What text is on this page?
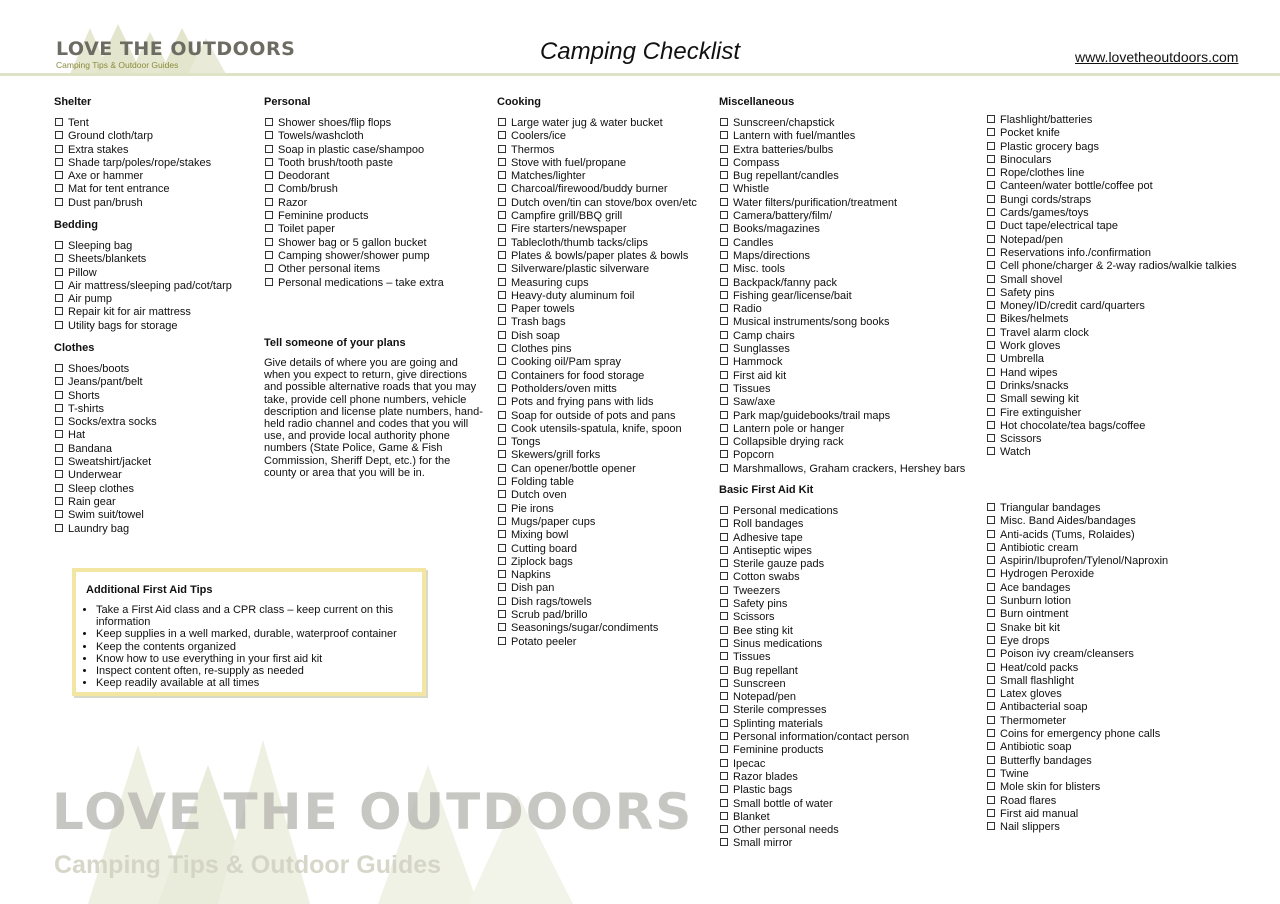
LOVE THE OUTDOORS
Camping Tips & Outdoor Guides	Camping Checklist	www.lovetheoutdoors.com
Shelter
Tent
Ground cloth/tarp
Extra stakes
Shade tarp/poles/rope/stakes
Axe or hammer
Mat for tent entrance
Dust pan/brush
Bedding
Sleeping bag
Sheets/blankets
Pillow
Air mattress/sleeping pad/cot/tarp
Air pump
Repair kit for air mattress
Utility bags for storage
Clothes
Shoes/boots
Jeans/pant/belt
Shorts
T-shirts
Socks/extra socks
Hat
Bandana
Sweatshirt/jacket
Underwear
Sleep clothes
Rain gear
Swim suit/towel
Laundry bag
Personal
Shower shoes/flip flops
Towels/washcloth
Soap in plastic case/shampoo
Tooth brush/tooth paste
Deodorant
Comb/brush
Razor
Feminine products
Toilet paper
Shower bag or 5 gallon bucket
Camping shower/shower pump
Other personal items
Personal medications – take extra
Cooking
Large water jug & water bucket
Coolers/ice
Thermos
Stove with fuel/propane
Matches/lighter
Charcoal/firewood/buddy burner
Dutch oven/tin can stove/box oven/etc
Campfire grill/BBQ grill
Fire starters/newspaper
Tablecloth/thumb tacks/clips
Plates & bowls/paper plates & bowls
Silverware/plastic silverware
Measuring cups
Heavy-duty aluminum foil
Paper towels
Trash bags
Dish soap
Clothes pins
Cooking oil/Pam spray
Containers for food storage
Potholders/oven mitts
Pots and frying pans with lids
Soap for outside of pots and pans
Cook utensils-spatula, knife, spoon
Tongs
Skewers/grill forks
Can opener/bottle opener
Folding table
Dutch oven
Pie irons
Mugs/paper cups
Mixing bowl
Cutting board
Ziplock bags
Napkins
Dish pan
Dish rags/towels
Scrub pad/brillo
Seasonings/sugar/condiments
Potato peeler
Miscellaneous
Sunscreen/chapstick
Lantern with fuel/mantles
Extra batteries/bulbs
Compass
Bug repellant/candles
Whistle
Water filters/purification/treatment
Camera/battery/film/
Books/magazines
Candles
Maps/directions
Misc. tools
Backpack/fanny pack
Fishing gear/license/bait
Radio
Musical instruments/song books
Camp chairs
Sunglasses
Hammock
First aid kit
Tissues
Saw/axe
Park map/guidebooks/trail maps
Lantern pole or hanger
Collapsible drying rack
Popcorn
Marshmallows, Graham crackers, Hershey bars
Flashlight/batteries
Pocket knife
Plastic grocery bags
Binoculars
Rope/clothes line
Canteen/water bottle/coffee pot
Bungi cords/straps
Cards/games/toys
Duct tape/electrical tape
Notepad/pen
Reservations info./confirmation
Cell phone/charger & 2-way radios/walkie talkies
Small shovel
Safety pins
Money/ID/credit card/quarters
Bikes/helmets
Travel alarm clock
Work gloves
Umbrella
Hand wipes
Drinks/snacks
Small sewing kit
Fire extinguisher
Hot chocolate/tea bags/coffee
Scissors
Watch
Basic First Aid Kit
Personal medications
Roll bandages
Adhesive tape
Antiseptic wipes
Sterile gauze pads
Cotton swabs
Tweezers
Safety pins
Scissors
Bee sting kit
Sinus medications
Tissues
Bug repellant
Sunscreen
Notepad/pen
Sterile compresses
Splinting materials
Personal information/contact person
Feminine products
Ipecac
Razor blades
Plastic bags
Small bottle of water
Blanket
Other personal needs
Small mirror
Triangular bandages
Misc. Band Aides/bandages
Anti-acids (Tums, Rolaides)
Antibiotic cream
Aspirin/Ibuprofen/Tylenol/Naproxin
Hydrogen Peroxide
Ace bandages
Sunburn lotion
Burn ointment
Snake bit kit
Eye drops
Poison ivy cream/cleansers
Heat/cold packs
Small flashlight
Latex gloves
Antibacterial soap
Thermometer
Coins for emergency phone calls
Antibiotic soap
Butterfly bandages
Twine
Mole skin for blisters
Road flares
First aid manual
Nail slippers
Tell someone of your plans

Give details of where you are going and when you expect to return, give directions and possible alternative roads that you may take, provide cell phone numbers, vehicle description and license plate numbers, hand-held radio channel and codes that you will use, and provide local authority phone numbers (State Police, Game & Fish Commission, Sheriff Dept, etc.) for the county or area that you will be in.

Additional First Aid Tips
• Take a First Aid class and a CPR class – keep current on this information
• Keep supplies in a well marked, durable, waterproof container
• Keep the contents organized
• Know how to use everything in your first aid kit
• Inspect content often, re-supply as needed
• Keep readily available at all times
LOVE THE OUTDOORS
Camping Tips & Outdoor Guides
